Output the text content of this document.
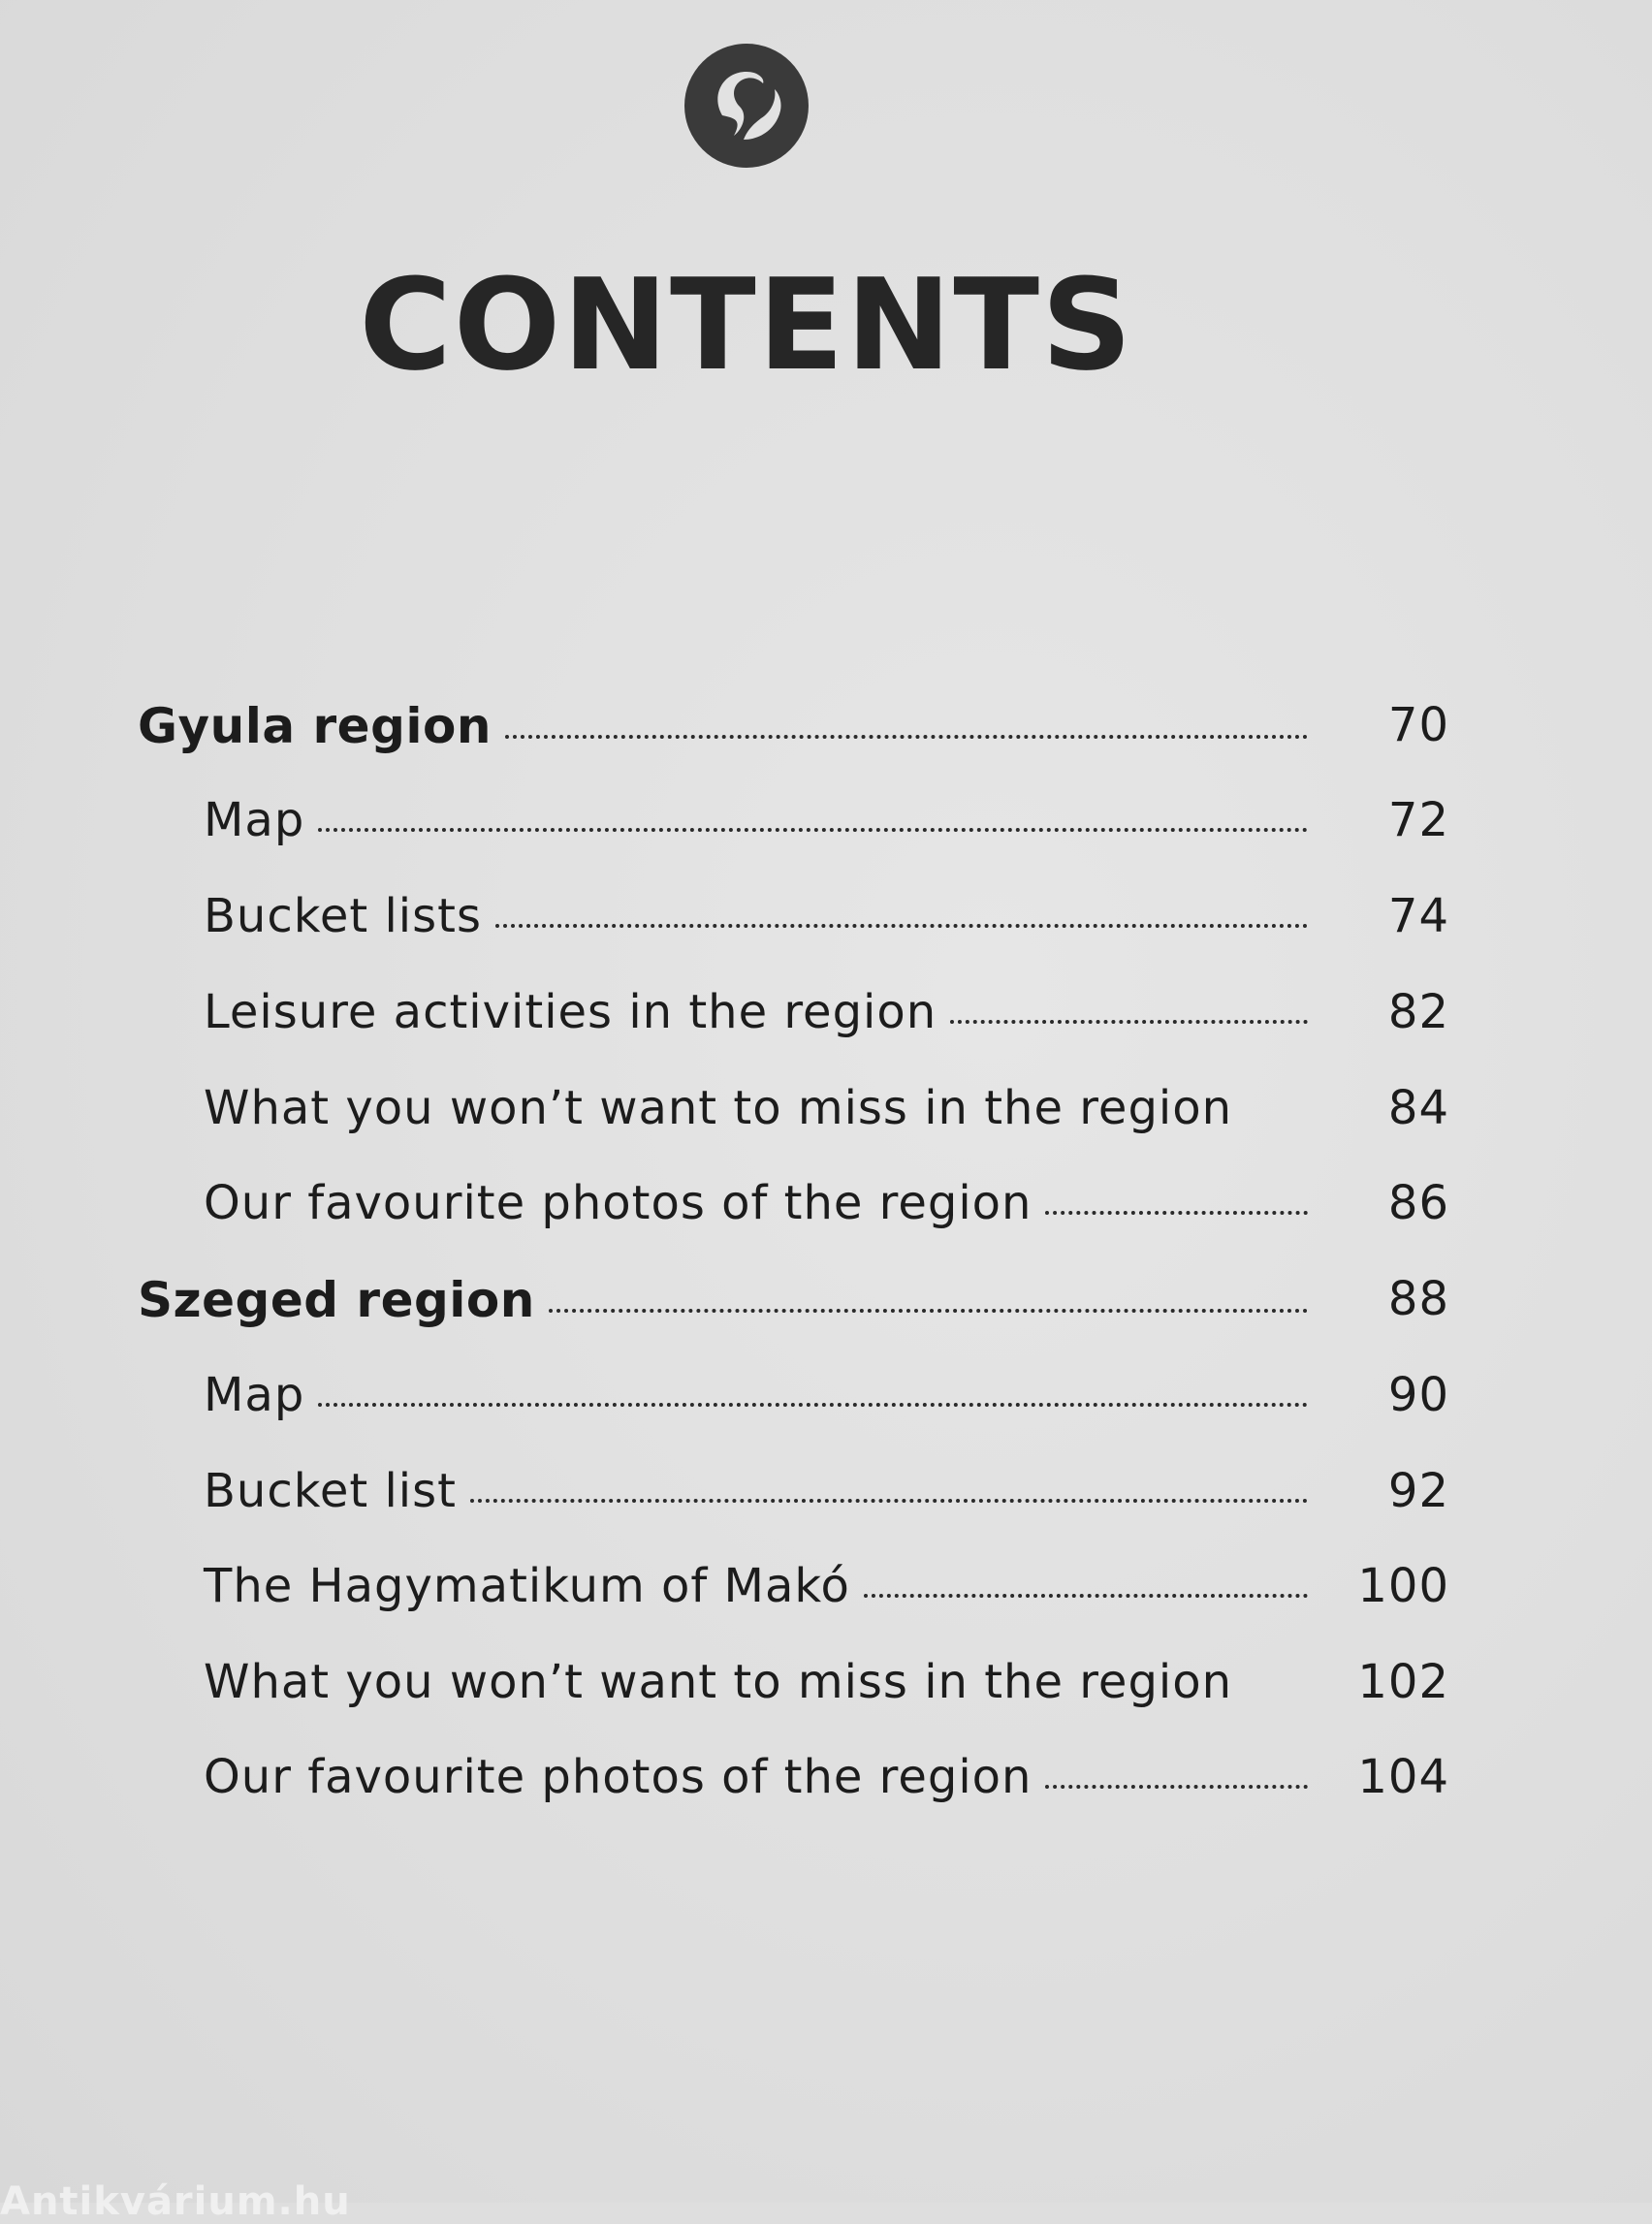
CONTENTS
Gyula region	70
Map	72
Bucket lists	74
Leisure activities in the region	82
What you won’t want to miss in the region	84
Our favourite photos of the region	86
Szeged region	88
Map	90
Bucket list	92
The Hagymatikum of Makó	100
What you won’t want to miss in the region	102
Our favourite photos of the region	104
Antikvárium.hu
